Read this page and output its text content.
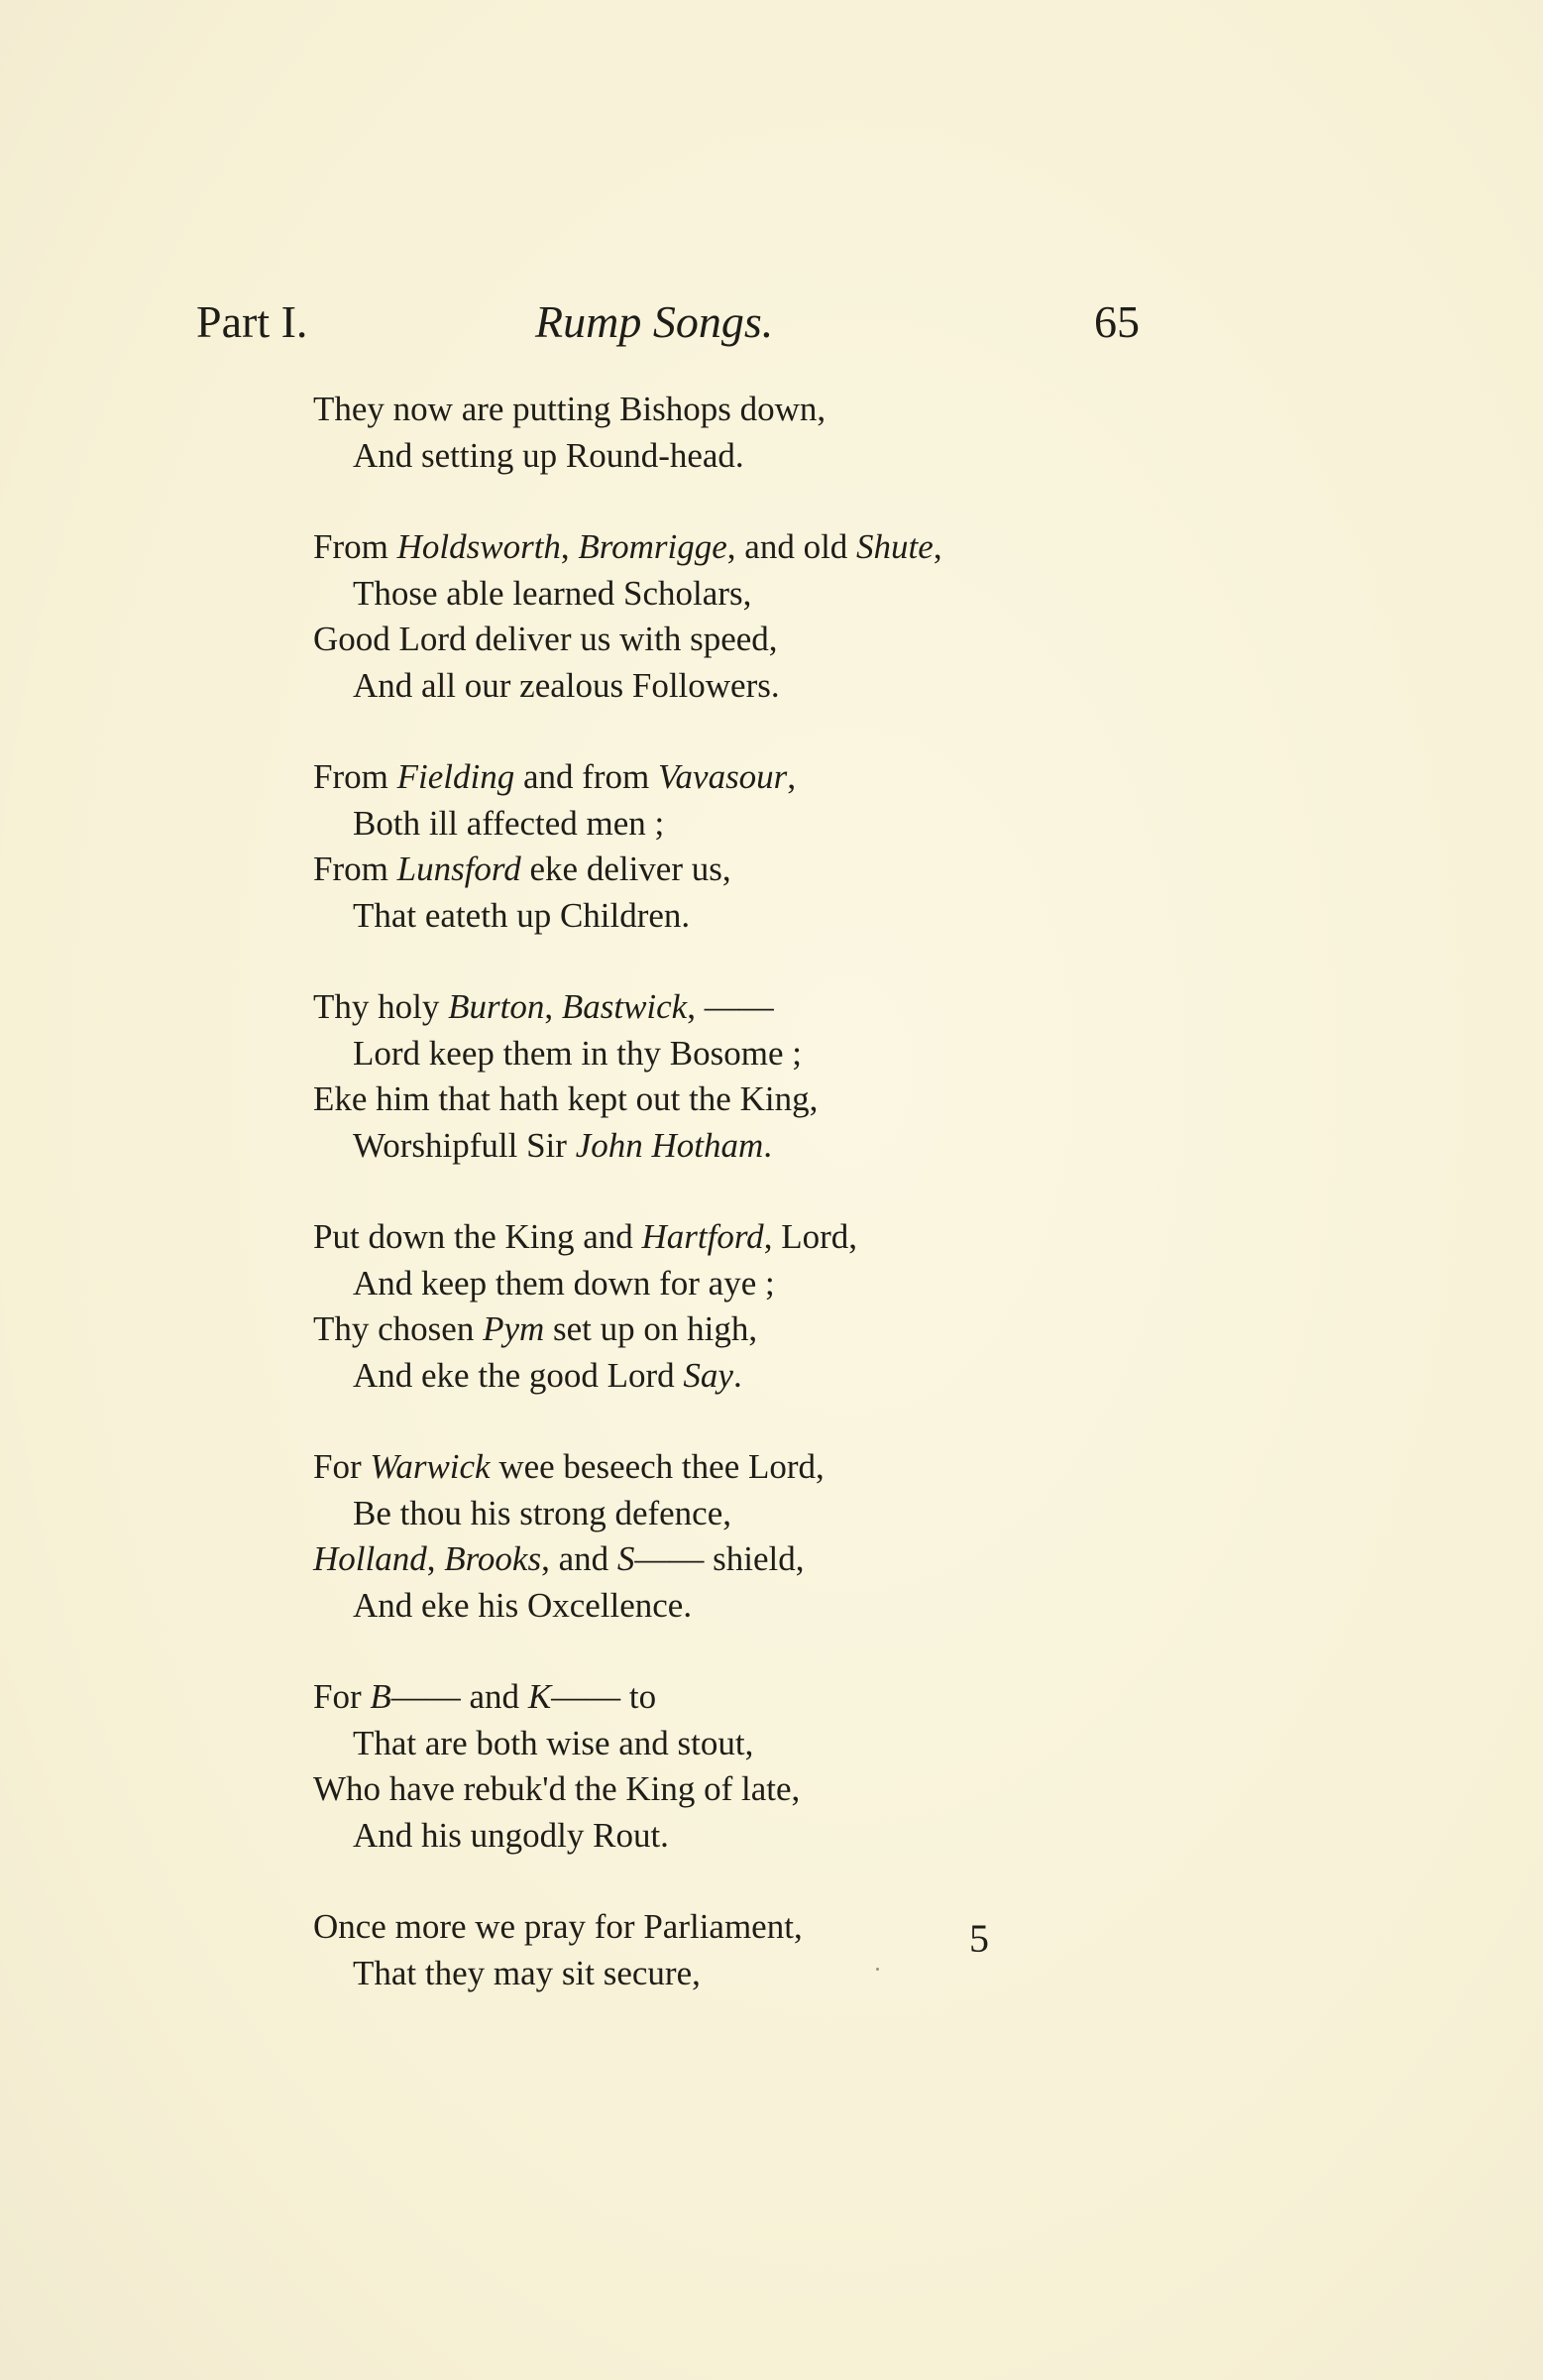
Part I.	Rump Songs.	65
They now are putting Bishops down,
And setting up Round-head.
From Holdsworth, Bromrigge, and old Shute,
Those able learned Scholars,
Good Lord deliver us with speed,
And all our zealous Followers.
From Fielding and from Vavasour,
Both ill affected men ;
From Lunsford eke deliver us,
That eateth up Children.
Thy holy Burton, Bastwick, ——
Lord keep them in thy Bosome ;
Eke him that hath kept out the King,
Worshipfull Sir John Hotham.
Put down the King and Hartford, Lord,
And keep them down for aye ;
Thy chosen Pym set up on high,
And eke the good Lord Say.
For Warwick wee beseech thee Lord,
Be thou his strong defence,
Holland, Brooks, and S—— shield,
And eke his Oxcellence.
For B—— and K—— to
That are both wise and stout,
Who have rebuk'd the King of late,
And his ungodly Rout.
Once more we pray for Parliament,
That they may sit secure,
5
